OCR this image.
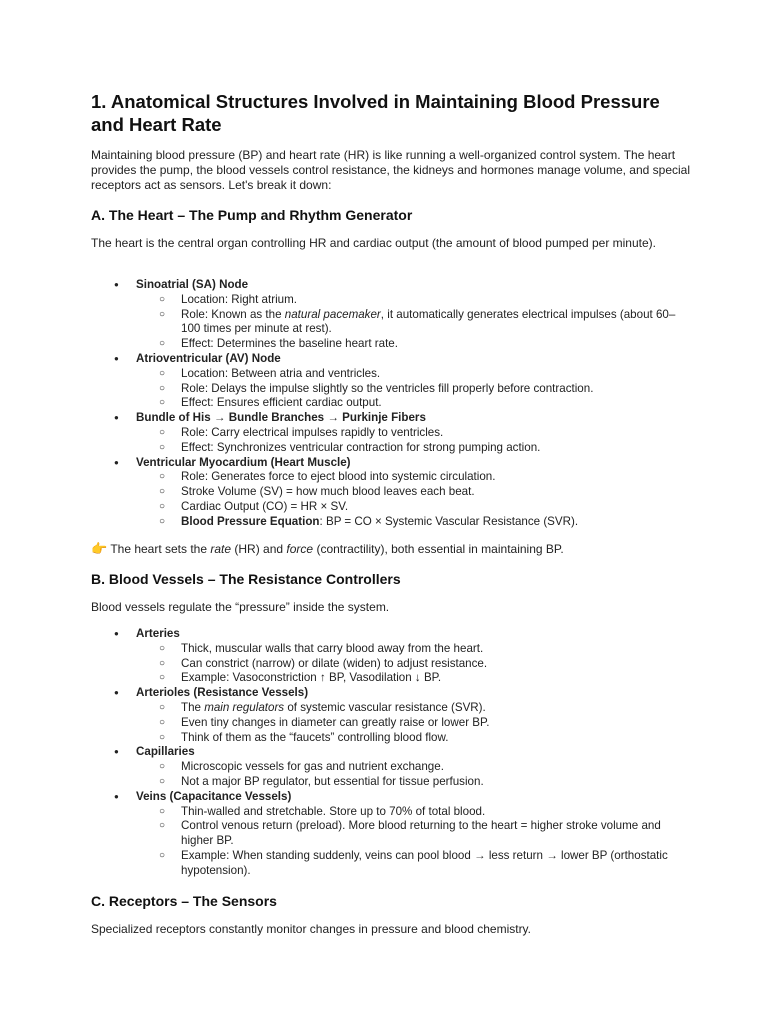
1. Anatomical Structures Involved in Maintaining Blood Pressure and Heart Rate

Maintaining blood pressure (BP) and heart rate (HR) is like running a well-organized control system. The heart provides the pump, the blood vessels control resistance, the kidneys and hormones manage volume, and special receptors act as sensors. Let's break it down:

A. The Heart – The Pump and Rhythm Generator

The heart is the central organ controlling HR and cardiac output (the amount of blood pumped per minute).

● Sinoatrial (SA) Node
○ Location: Right atrium.
○ Role: Known as the natural pacemaker, it automatically generates electrical impulses (about 60–100 times per minute at rest).
○ Effect: Determines the baseline heart rate.
● Atrioventricular (AV) Node
○ Location: Between atria and ventricles.
○ Role: Delays the impulse slightly so the ventricles fill properly before contraction.
○ Effect: Ensures efficient cardiac output.
● Bundle of His → Bundle Branches → Purkinje Fibers
○ Role: Carry electrical impulses rapidly to ventricles.
○ Effect: Synchronizes ventricular contraction for strong pumping action.
● Ventricular Myocardium (Heart Muscle)
○ Role: Generates force to eject blood into systemic circulation.
○ Stroke Volume (SV) = how much blood leaves each beat.
○ Cardiac Output (CO) = HR × SV.
○ Blood Pressure Equation: BP = CO × Systemic Vascular Resistance (SVR).

👉 The heart sets the rate (HR) and force (contractility), both essential in maintaining BP.

B. Blood Vessels – The Resistance Controllers

Blood vessels regulate the “pressure” inside the system.

● Arteries
○ Thick, muscular walls that carry blood away from the heart.
○ Can constrict (narrow) or dilate (widen) to adjust resistance.
○ Example: Vasoconstriction ↑ BP, Vasodilation ↓ BP.
● Arterioles (Resistance Vessels)
○ The main regulators of systemic vascular resistance (SVR).
○ Even tiny changes in diameter can greatly raise or lower BP.
○ Think of them as the “faucets” controlling blood flow.
● Capillaries
○ Microscopic vessels for gas and nutrient exchange.
○ Not a major BP regulator, but essential for tissue perfusion.
● Veins (Capacitance Vessels)
○ Thin-walled and stretchable. Store up to 70% of total blood.
○ Control venous return (preload). More blood returning to the heart = higher stroke volume and higher BP.
○ Example: When standing suddenly, veins can pool blood → less return → lower BP (orthostatic hypotension).
C. Receptors – The Sensors

Specialized receptors constantly monitor changes in pressure and blood chemistry.
